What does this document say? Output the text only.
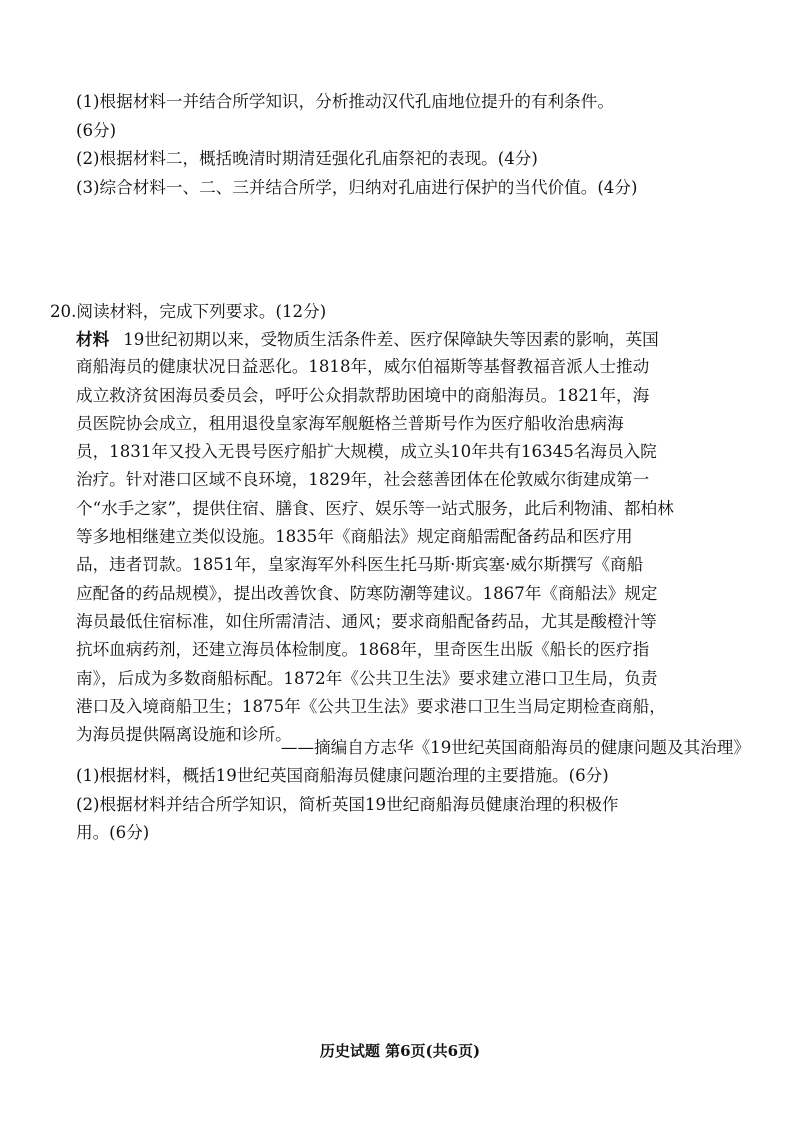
(1)根据材料一并结合所学知识，分析推动汉代孔庙地位提升的有利条件。
(6分)
(2)根据材料二，概括晚清时期清廷强化孔庙祭祀的表现。(4分)
(3)综合材料一、二、三并结合所学，归纳对孔庙进行保护的当代价值。(4分)
20.阅读材料，完成下列要求。(12分)
材料 19世纪初期以来，受物质生活条件差、医疗保障缺失等因素的影响，英国
商船海员的健康状况日益恶化。1818年，威尔伯福斯等基督教福音派人士推动
成立救济贫困海员委员会，呼吁公众捐款帮助困境中的商船海员。1821年，海
员医院协会成立，租用退役皇家海军舰艇格兰普斯号作为医疗船收治患病海
员，1831年又投入无畏号医疗船扩大规模，成立头10年共有16345名海员入院
治疗。针对港口区域不良环境，1829年，社会慈善团体在伦敦威尔街建成第一
个“水手之家”，提供住宿、膳食、医疗、娱乐等一站式服务，此后利物浦、都柏林
等多地相继建立类似设施。1835年《商船法》规定商船需配备药品和医疗用
品，违者罚款。1851年，皇家海军外科医生托马斯·斯宾塞·威尔斯撰写《商船
应配备的药品规模》，提出改善饮食、防寒防潮等建议。1867年《商船法》规定
海员最低住宿标准，如住所需清洁、通风；要求商船配备药品，尤其是酸橙汁等
抗坏血病药剂，还建立海员体检制度。1868年，里奇医生出版《船长的医疗指
南》，后成为多数商船标配。1872年《公共卫生法》要求建立港口卫生局，负责
港口及入境商船卫生；1875年《公共卫生法》要求港口卫生当局定期检查商船，
为海员提供隔离设施和诊所。
——摘编自方志华《19世纪英国商船海员的健康问题及其治理》
(1)根据材料，概括19世纪英国商船海员健康问题治理的主要措施。(6分)
(2)根据材料并结合所学知识，简析英国19世纪商船海员健康治理的积极作
用。(6分)
历史试题 第6页(共6页)
